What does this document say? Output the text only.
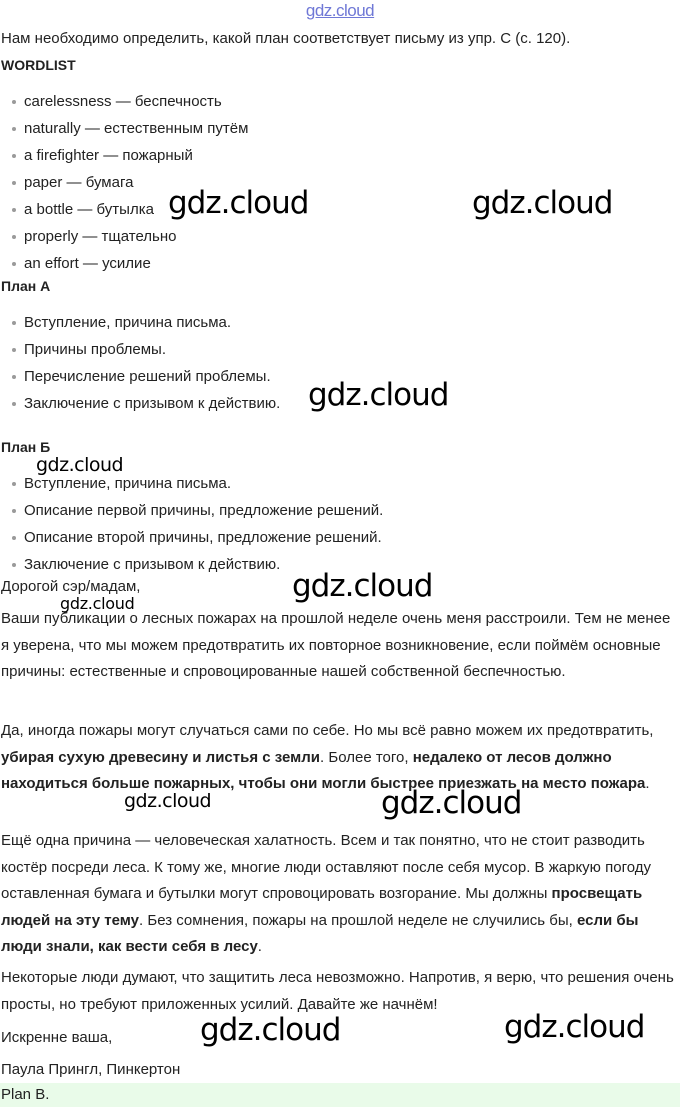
gdz.cloud
Нам необходимо определить, какой план соответствует письму из упр. C (с. 120).
WORDLIST
carelessness — беспечность
naturally — естественным путём
a firefighter — пожарный
paper — бумага
a bottle — бутылка
properly — тщательно
an effort — усилие
План А
Вступление, причина письма.
Причины проблемы.
Перечисление решений проблемы.
Заключение с призывом к действию.
План Б
Вступление, причина письма.
Описание первой причины, предложение решений.
Описание второй причины, предложение решений.
Заключение с призывом к действию.
Дорогой сэр/мадам,

Ваши публикации о лесных пожарах на прошлой неделе очень меня расстроили. Тем не менее я уверена, что мы можем предотвратить их повторное возникновение, если поймём основные причины: естественные и спровоцированные нашей собственной беспечностью.

Да, иногда пожары могут случаться сами по себе. Но мы всё равно можем их предотвратить, убирая сухую древесину и листья с земли. Более того, недалеко от лесов должно находиться больше пожарных, чтобы они могли быстрее приезжать на место пожара.

Ещё одна причина — человеческая халатность. Всем и так понятно, что не стоит разводить костёр посреди леса. К тому же, многие люди оставляют после себя мусор. В жаркую погоду оставленная бумага и бутылки могут спровоцировать возгорание. Мы должны просвещать людей на эту тему. Без сомнения, пожары на прошлой неделе не случились бы, если бы люди знали, как вести себя в лесу.

Некоторые люди думают, что защитить леса невозможно. Напротив, я верю, что решения очень просты, но требуют приложенных усилий. Давайте же начнём!

Искренне ваша,
Паула Прингл, Пинкертон
Plan B.
gdz.cloud	gdz.cloud
gdz.cloud
gdz.cloud
gdz.cloud
gdz.cloud
gdz.cloud	gdz.cloud
gdz.cloud	gdz.cloud
